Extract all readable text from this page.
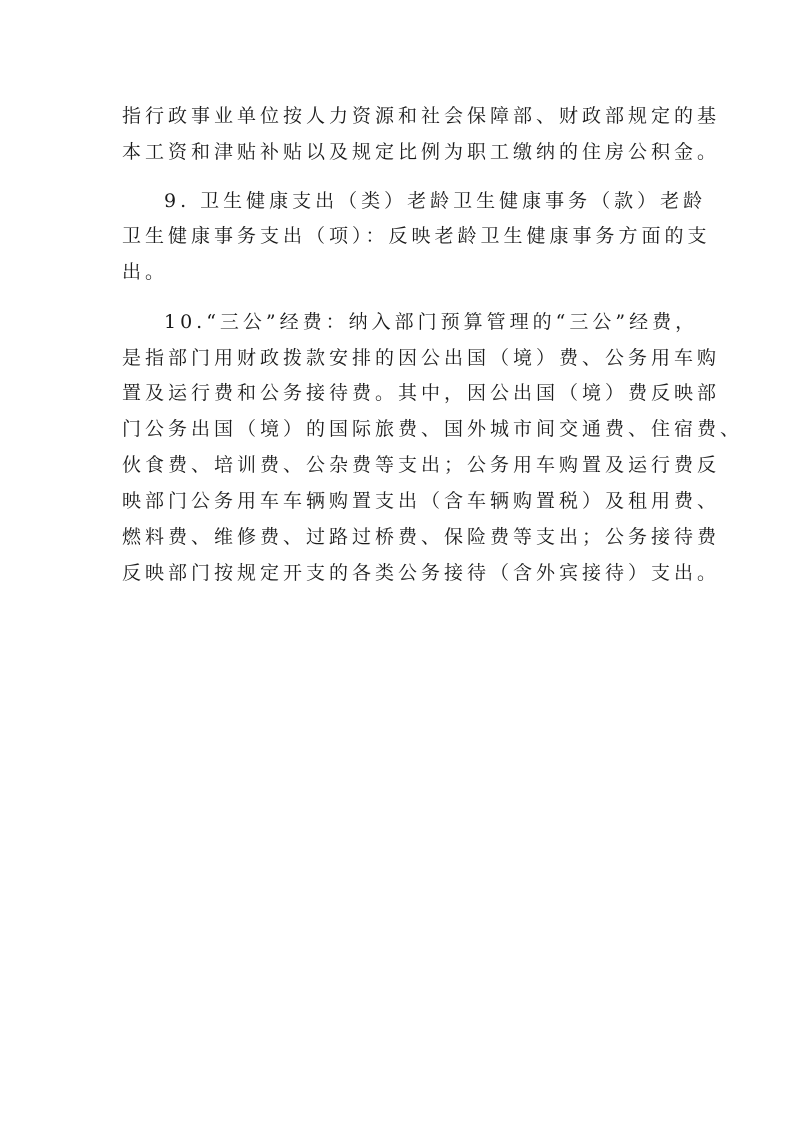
指行政事业单位按人力资源和社会保障部、财政部规定的基
本工资和津贴补贴以及规定比例为职工缴纳的住房公积金。
9. 卫生健康支出（类）老龄卫生健康事务（款）老龄
卫生健康事务支出（项）：反映老龄卫生健康事务方面的支
出。
10.“三公”经费：纳入部门预算管理的“三公”经费，
是指部门用财政拨款安排的因公出国（境）费、公务用车购
置及运行费和公务接待费。其中，因公出国（境）费反映部
门公务出国（境）的国际旅费、国外城市间交通费、住宿费、
伙食费、培训费、公杂费等支出；公务用车购置及运行费反
映部门公务用车车辆购置支出（含车辆购置税）及租用费、
燃料费、维修费、过路过桥费、保险费等支出；公务接待费
反映部门按规定开支的各类公务接待（含外宾接待）支出。
